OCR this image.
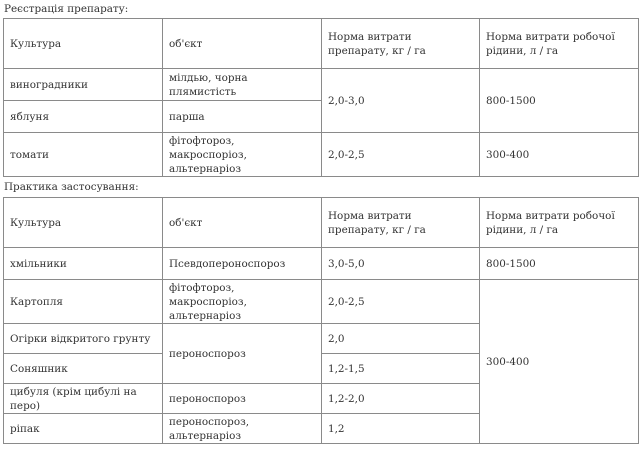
Реєстрація препарату:
Культура	об'єкт	Норма витрати препарату, кг / га	Норма витрати робочої рідини, л / га
виноградники	мілдью, чорна плямистість	2,0-3,0	800-1500
яблуня	парша		
томати	фітофтороз, макроспоріоз, альтернаріоз	2,0-2,5	300-400
Практика застосування:
Культура	об'єкт	Норма витрати препарату, кг / га	Норма витрати робочої рідини, л / га
хмільники	Псевдопероноспороз	3,0-5,0	800-1500
Картопля	фітофтороз, макроспоріоз, альтернаріоз	2,0-2,5	300-400
Огірки відкритого грунту	пероноспороз	2,0	
Соняшник		1,2-1,5	
цибуля (крім цибулі на перо)	пероноспороз	1,2-2,0	
ріпак	пероноспороз, альтернаріоз	1,2	
